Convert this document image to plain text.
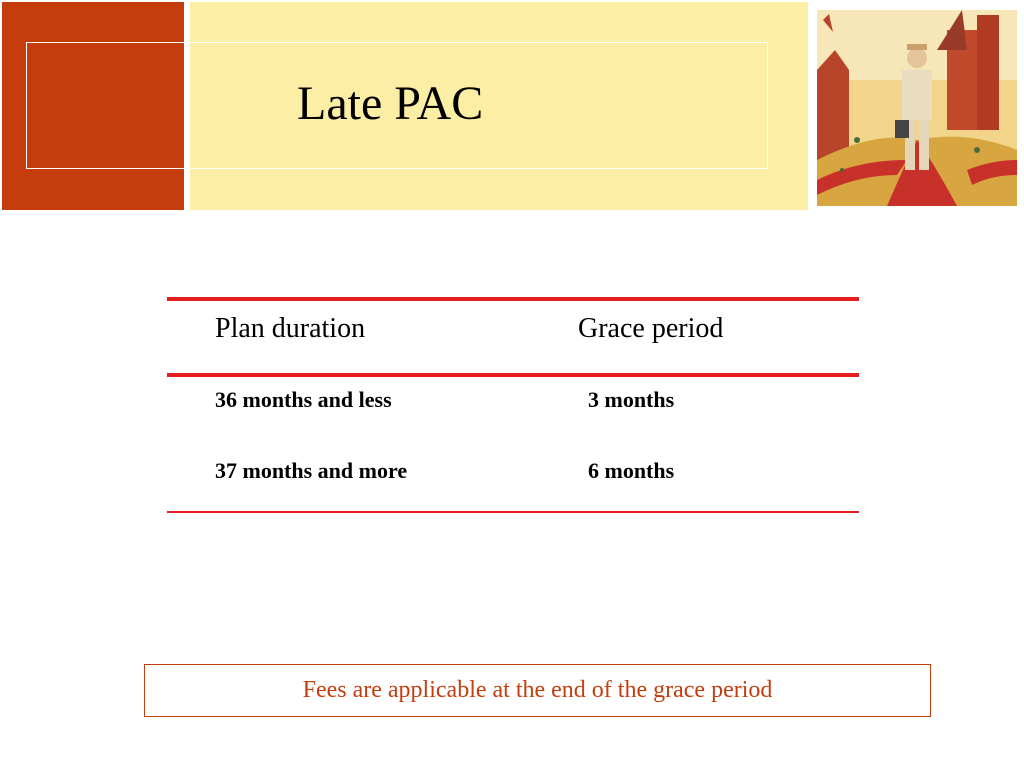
Late PAC
Plan duration	Grace period
36 months and less	3 months
37 months and more	6 months
Fees are applicable at the end of the grace period
